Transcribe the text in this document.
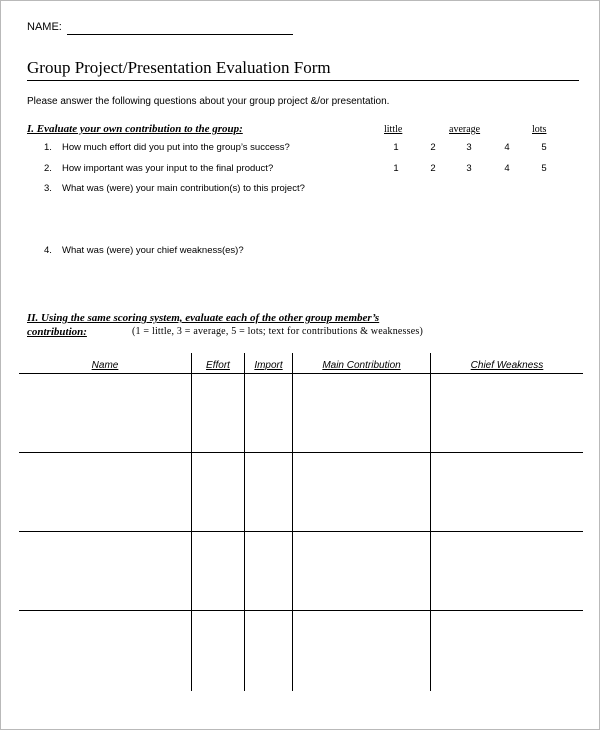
NAME:
Group Project/Presentation Evaluation Form
Please answer the following questions about your group project &/or presentation.
I. Evaluate your own contribution to the group:	little	average	lots
1. How much effort did you put into the group’s success?	1	2	3	4	5
2. How important was your input to the final product?	1	2	3	4	5
3. What was (were) your main contribution(s) to this project?
4. What was (were) your chief weakness(es)?
II. Using the same scoring system, evaluate each of the other group member’s
contribution:	(1 = little, 3 = average, 5 = lots; text for contributions & weaknesses)
Name	Effort	Import	Main Contribution	Chief Weakness
